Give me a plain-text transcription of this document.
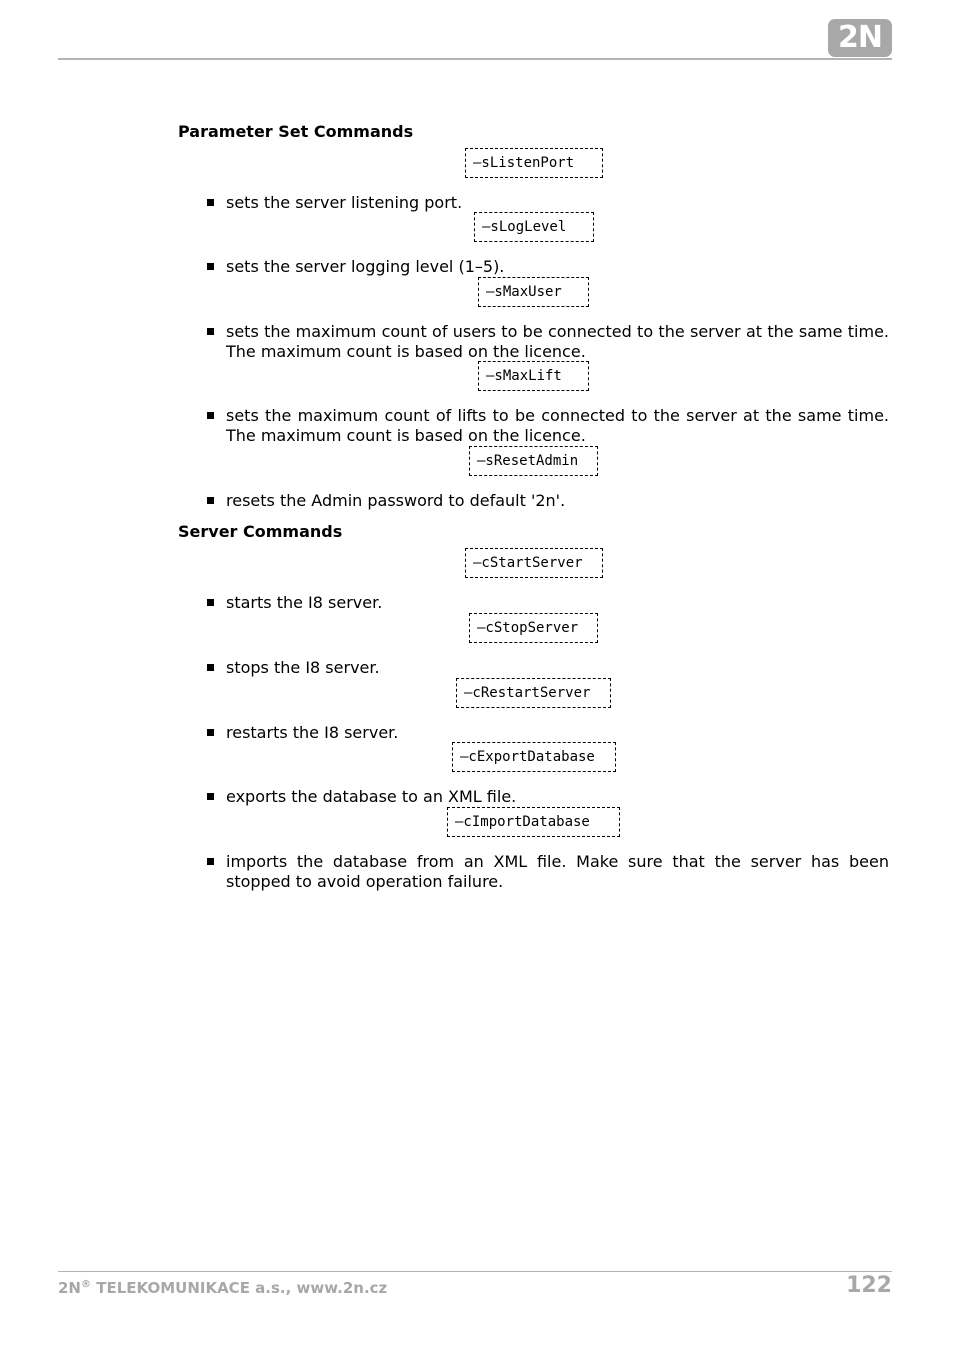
2N
Parameter Set Commands
–sListenPort
sets the server listening port.
–sLogLevel
sets the server logging level (1–5).
–sMaxUser
sets the maximum count of users to be connected to the server at the same time. The maximum count is based on the licence.
–sMaxLift
sets the maximum count of lifts to be connected to the server at the same time. The maximum count is based on the licence.
–sResetAdmin
resets the Admin password to default '2n'.
Server Commands
–cStartServer
starts the I8 server.
–cStopServer
stops the I8 server.
–cRestartServer
restarts the I8 server.
–cExportDatabase
exports the database to an XML file.
–cImportDatabase
imports the database from an XML file. Make sure that the server has been stopped to avoid operation failure.
2N® TELEKOMUNIKACE a.s., www.2n.cz	122
